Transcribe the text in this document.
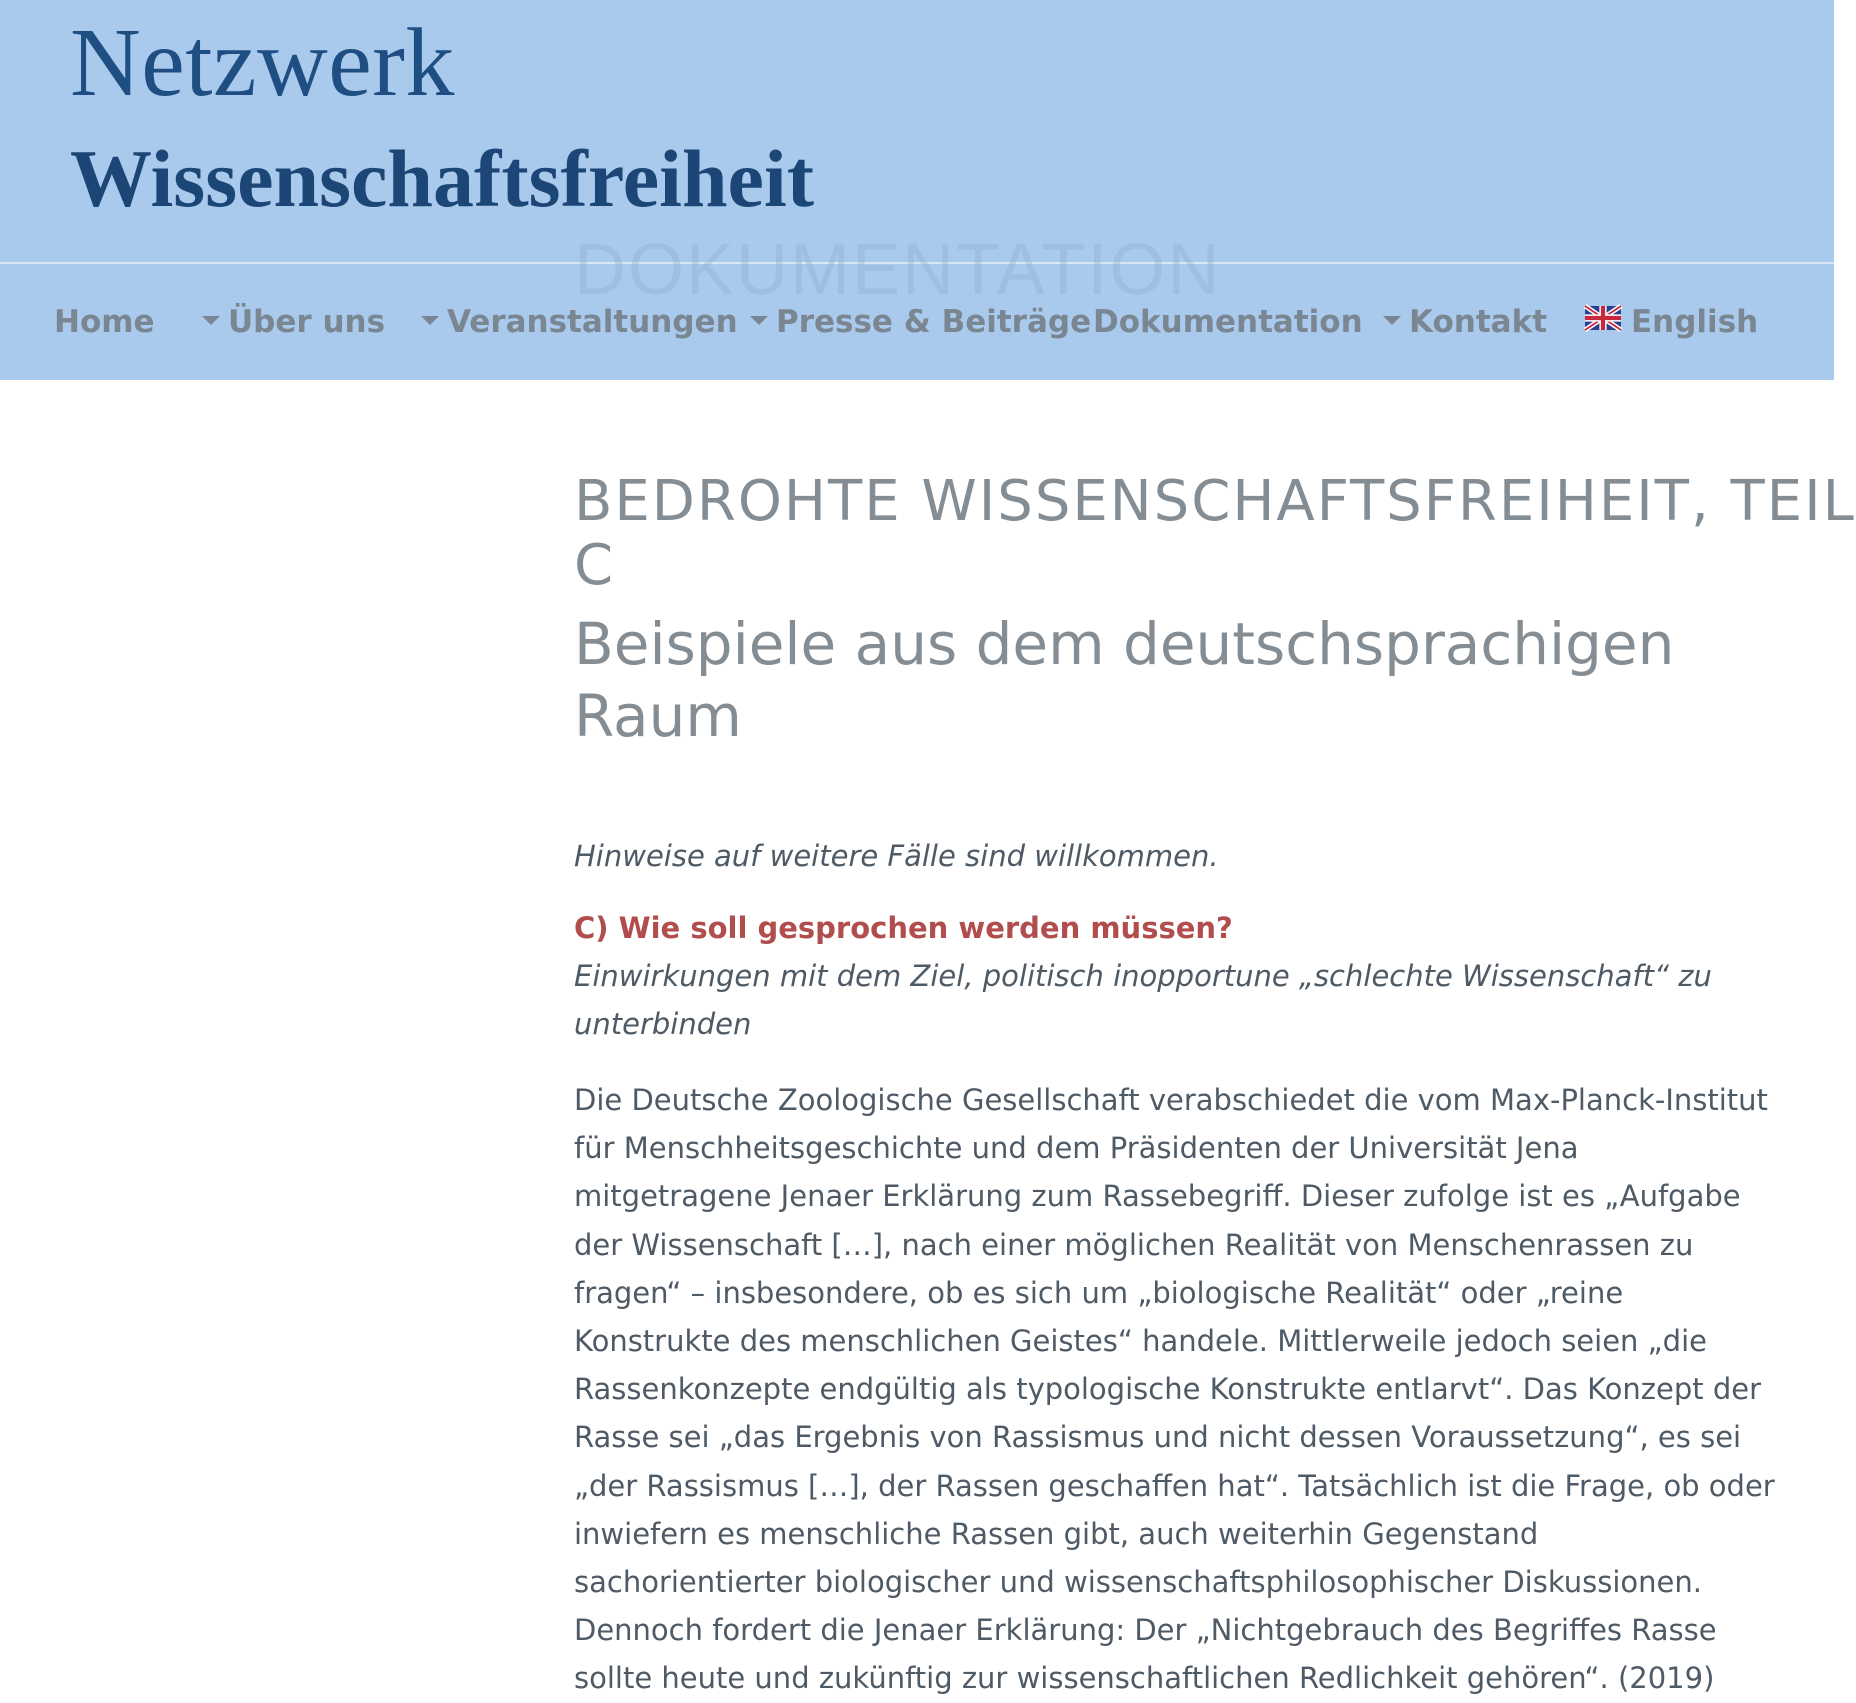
Netzwerk
Wissenschaftsfreiheit
DOKUMENTATION
Home	Über uns	Veranstaltungen	Presse & Beiträge Dokumentation	Kontakt	English
BEDROHTE WISSENSCHAFTSFREIHEIT, TEIL
C
Beispiele aus dem deutschsprachigen Raum
Hinweise auf weitere Fälle sind willkommen.
C) Wie soll gesprochen werden müssen?
Einwirkungen mit dem Ziel, politisch inopportune „schlechte Wissenschaft“ zu
unterbinden
Die Deutsche Zoologische Gesellschaft verabschiedet die vom Max-Planck-Institut
für Menschheitsgeschichte und dem Präsidenten der Universität Jena
mitgetragene Jenaer Erklärung zum Rassebegriff. Dieser zufolge ist es „Aufgabe
der Wissenschaft […], nach einer möglichen Realität von Menschenrassen zu
fragen“ – insbesondere, ob es sich um „biologische Realität“ oder „reine
Konstrukte des menschlichen Geistes“ handele. Mittlerweile jedoch seien „die
Rassenkonzepte endgültig als typologische Konstrukte entlarvt“. Das Konzept der
Rasse sei „das Ergebnis von Rassismus und nicht dessen Voraussetzung“, es sei
„der Rassismus […], der Rassen geschaffen hat“. Tatsächlich ist die Frage, ob oder
inwiefern es menschliche Rassen gibt, auch weiterhin Gegenstand
sachorientierter biologischer und wissenschaftsphilosophischer Diskussionen.
Dennoch fordert die Jenaer Erklärung: Der „Nichtgebrauch des Begriffes Rasse
sollte heute und zukünftig zur wissenschaftlichen Redlichkeit gehören“. (2019)
